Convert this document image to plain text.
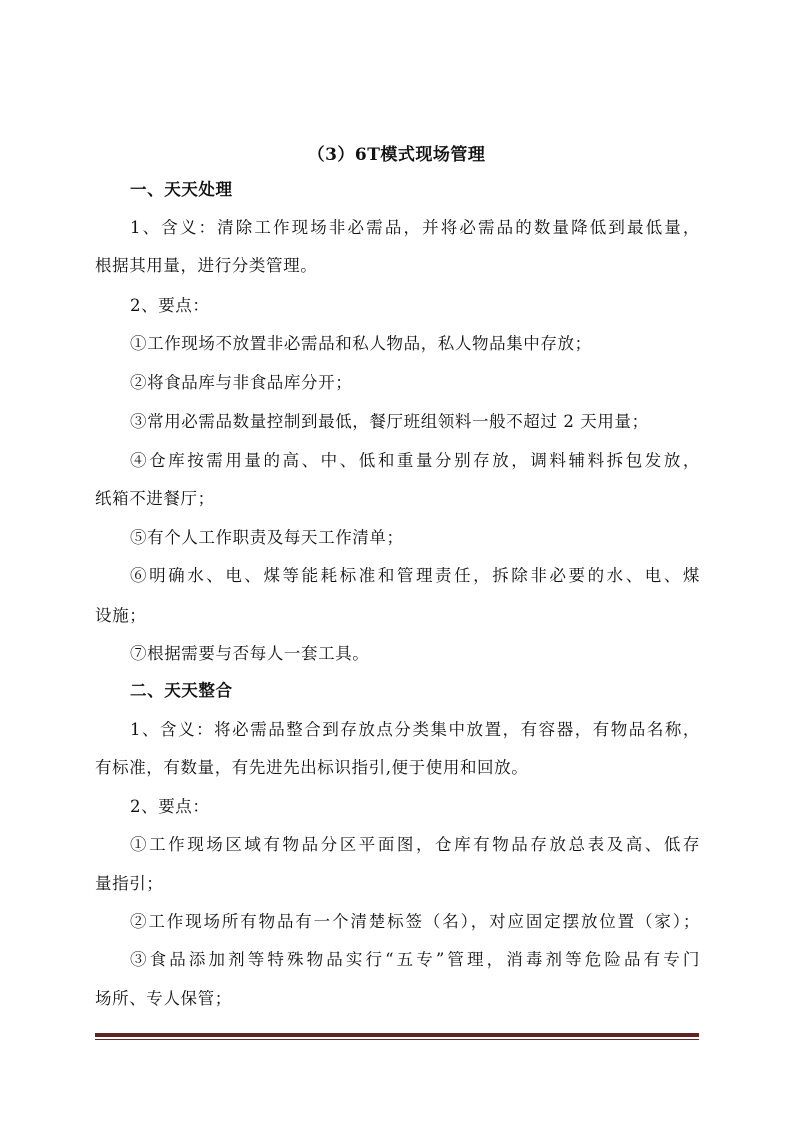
（3）6T模式现场管理
一、天天处理
1、含义：清除工作现场非必需品，并将必需品的数量降低到最低量，
根据其用量，进行分类管理。
2、要点：
①工作现场不放置非必需品和私人物品，私人物品集中存放；
②将食品库与非食品库分开；
③常用必需品数量控制到最低，餐厅班组领料一般不超过 2 天用量；
④仓库按需用量的高、中、低和重量分别存放，调料辅料拆包发放，
纸箱不进餐厅；
⑤有个人工作职责及每天工作清单；
⑥明确水、电、煤等能耗标准和管理责任，拆除非必要的水、电、煤
设施；
⑦根据需要与否每人一套工具。
二、天天整合
1、含义：将必需品整合到存放点分类集中放置，有容器，有物品名称，
有标准，有数量，有先进先出标识指引,便于使用和回放。
2、要点：
①工作现场区域有物品分区平面图，仓库有物品存放总表及高、低存
量指引；
②工作现场所有物品有一个清楚标签（名），对应固定摆放位置（家）；
③食品添加剂等特殊物品实行“五专”管理，消毒剂等危险品有专门
场所、专人保管；
